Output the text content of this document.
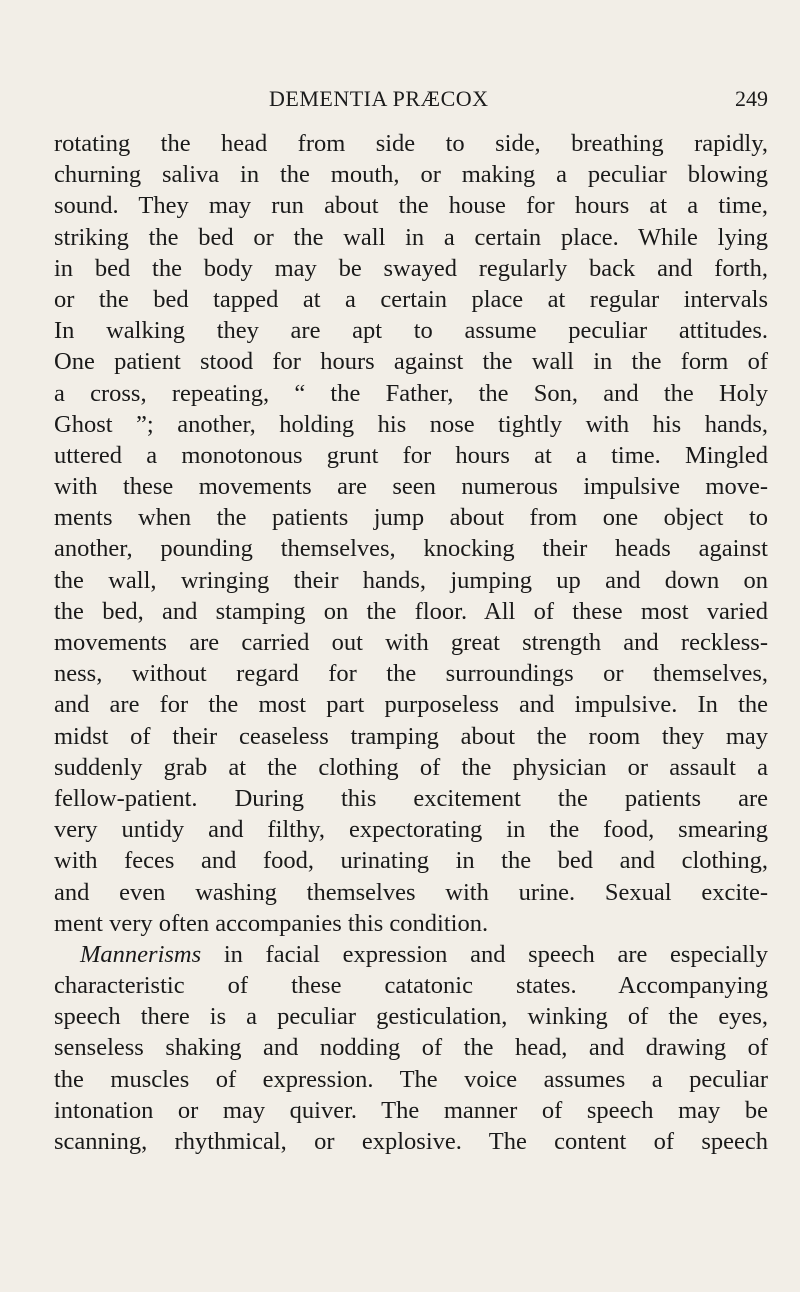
DEMENTIA PRÆCOX	249
rotating the head from side to side, breathing rapidly,
churning saliva in the mouth, or making a peculiar blowing
sound. They may run about the house for hours at a time,
striking the bed or the wall in a certain place. While lying
in bed the body may be swayed regularly back and forth,
or the bed tapped at a certain place at regular intervals
In walking they are apt to assume peculiar attitudes.
One patient stood for hours against the wall in the form of
a cross, repeating, “ the Father, the Son, and the Holy
Ghost ”; another, holding his nose tightly with his hands,
uttered a monotonous grunt for hours at a time. Mingled
with these movements are seen numerous impulsive move-
ments when the patients jump about from one object to
another, pounding themselves, knocking their heads against
the wall, wringing their hands, jumping up and down on
the bed, and stamping on the floor. All of these most varied
movements are carried out with great strength and reckless-
ness, without regard for the surroundings or themselves,
and are for the most part purposeless and impulsive. In the
midst of their ceaseless tramping about the room they may
suddenly grab at the clothing of the physician or assault a
fellow-patient. During this excitement the patients are
very untidy and filthy, expectorating in the food, smearing
with feces and food, urinating in the bed and clothing,
and even washing themselves with urine. Sexual excite-
ment very often accompanies this condition.
Mannerisms in facial expression and speech are especially
characteristic of these catatonic states. Accompanying
speech there is a peculiar gesticulation, winking of the eyes,
senseless shaking and nodding of the head, and drawing of
the muscles of expression. The voice assumes a peculiar
intonation or may quiver. The manner of speech may be
scanning, rhythmical, or explosive. The content of speech
